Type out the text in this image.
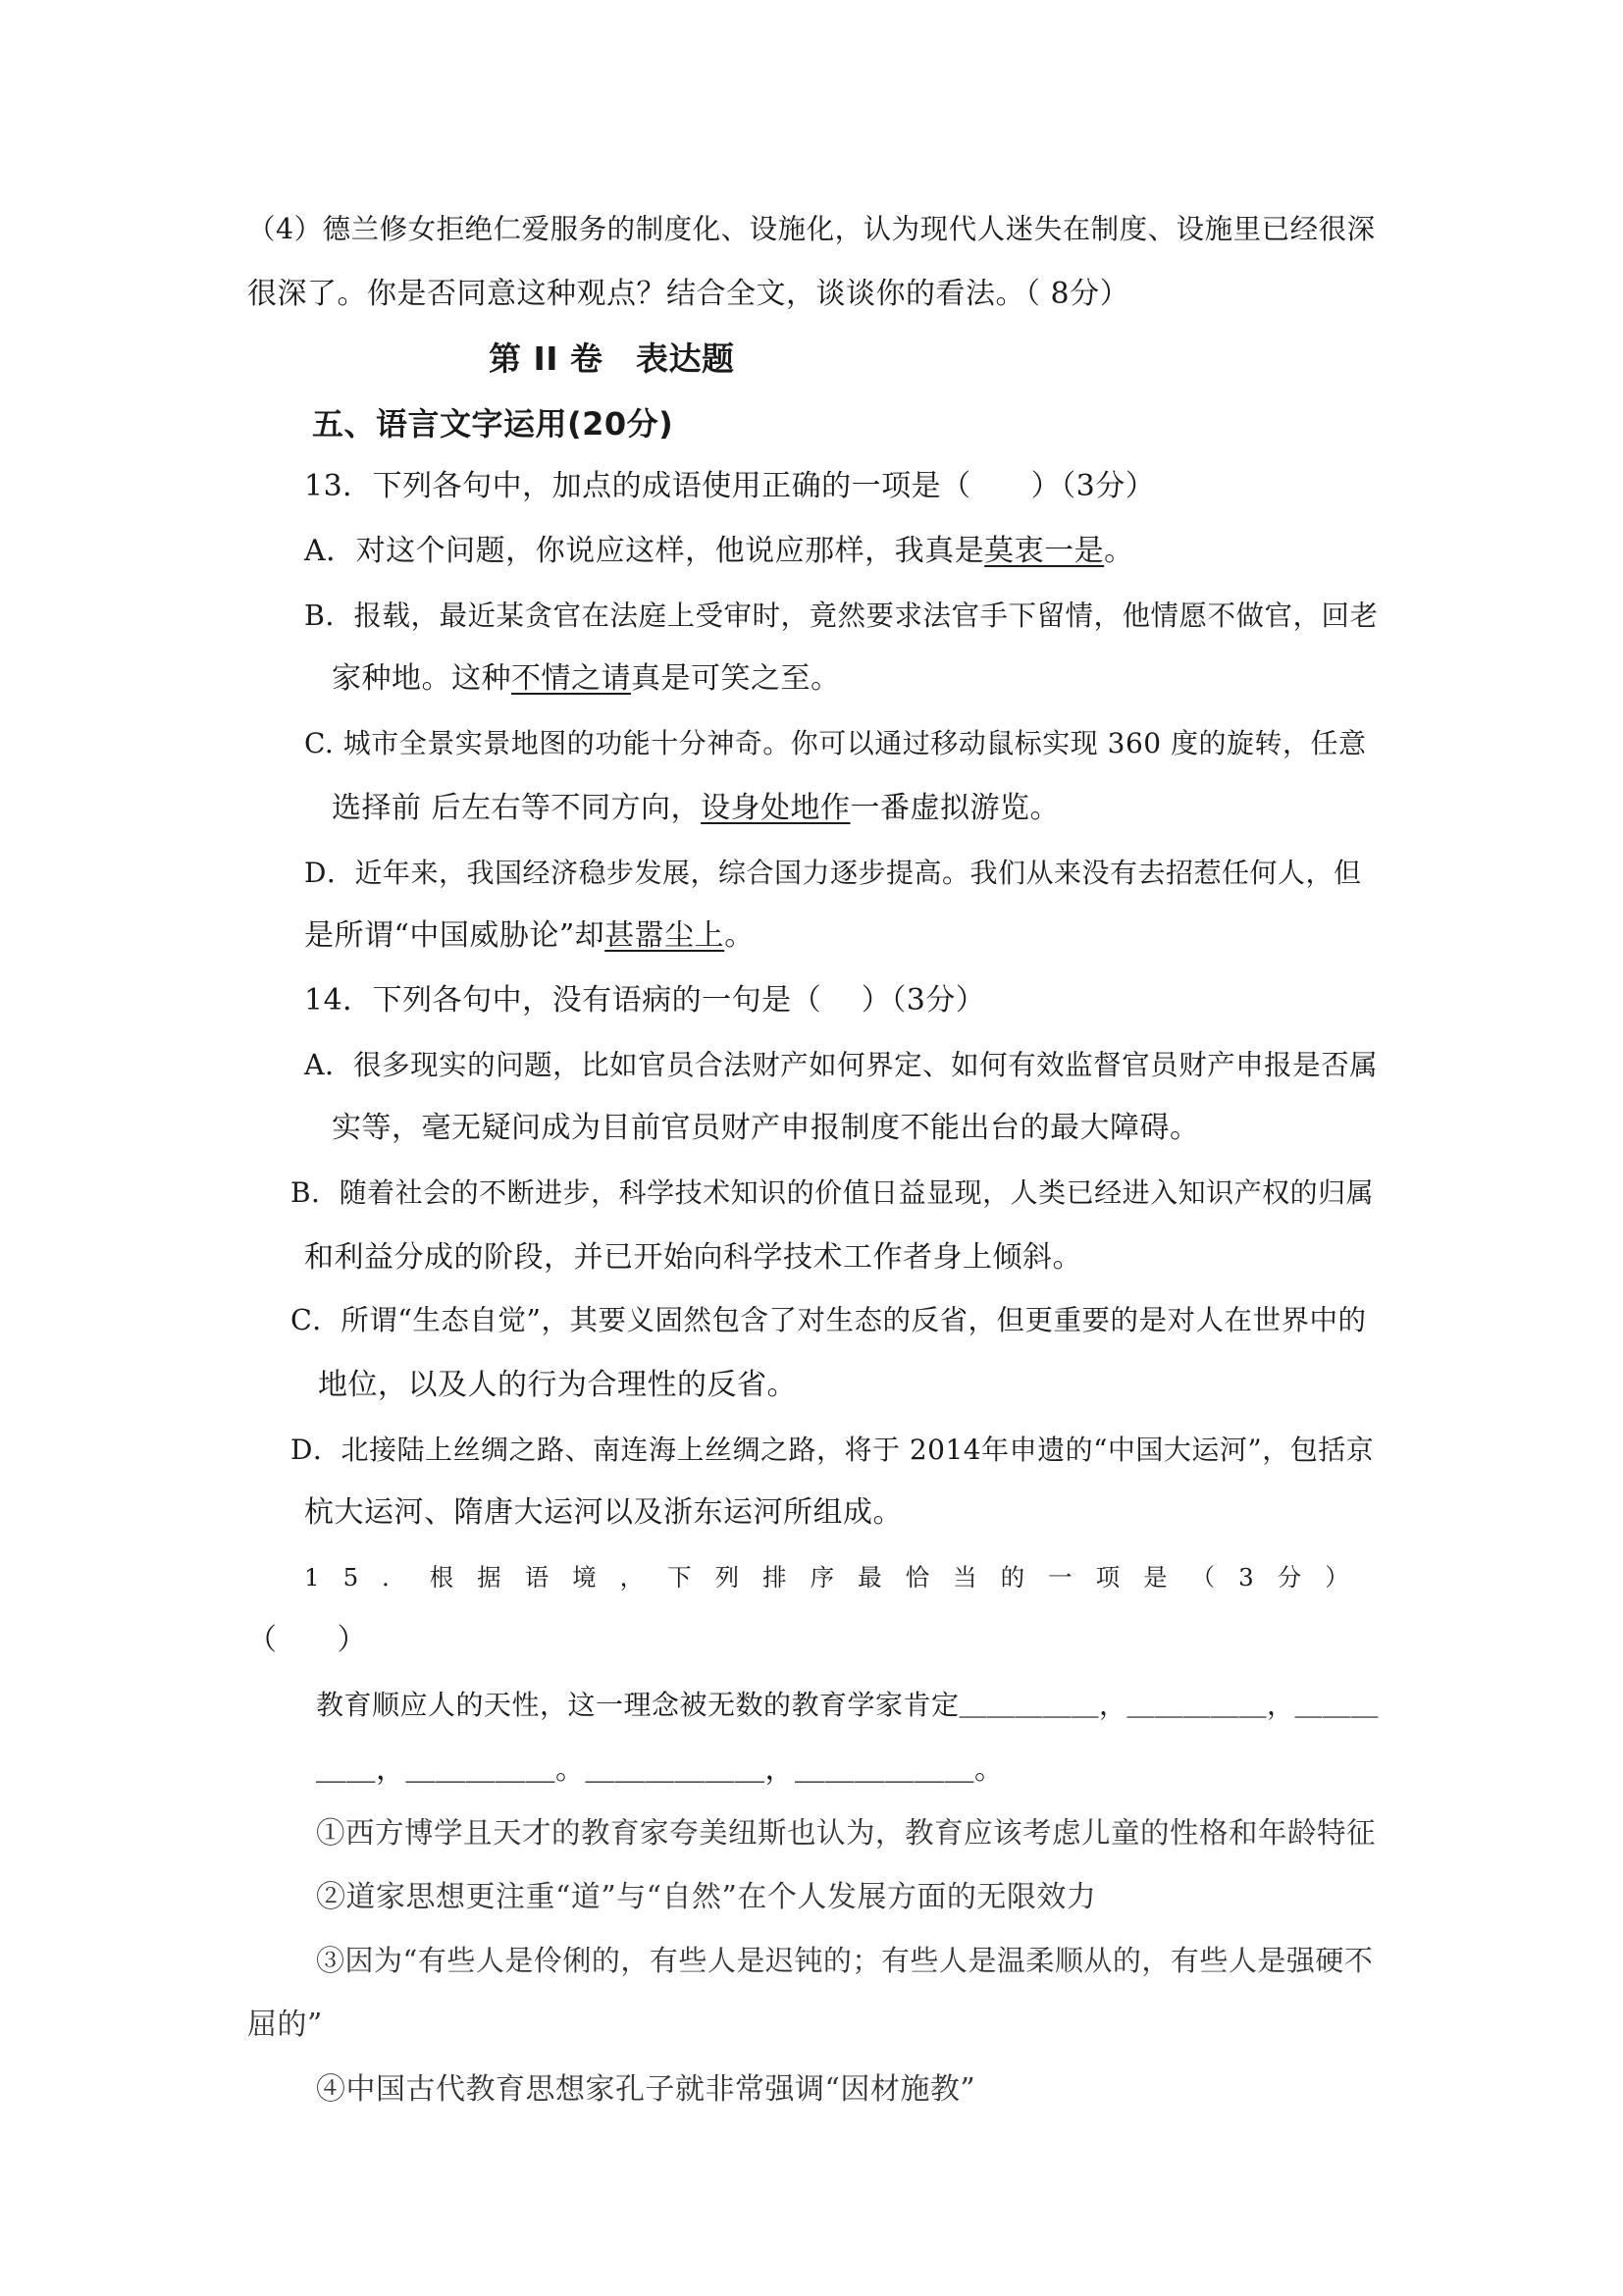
（4）德兰修女拒绝仁爱服务的制度化、设施化，认为现代人迷失在制度、设施里已经很深
很深了。你是否同意这种观点？结合全文，谈谈你的看法。（ 8分）
第 II 卷　表达题
五、语言文字运用(20分)
13．下列各句中，加点的成语使用正确的一项是（　　）（3分）
A．对这个问题，你说应这样，他说应那样，我真是莫衷一是。
B．报载，最近某贪官在法庭上受审时，竟然要求法官手下留情，他情愿不做官，回老
家种地。这种不情之请真是可笑之至。
C. 城市全景实景地图的功能十分神奇。你可以通过移动鼠标实现 360 度的旋转，任意
选择前 后左右等不同方向，设身处地作一番虚拟游览。
D．近年来，我国经济稳步发展，综合国力逐步提高。我们从来没有去招惹任何人，但
是所谓“中国威胁论”却甚嚣尘上。
14．下列各句中，没有语病的一句是（　 ）（3分）
A．很多现实的问题，比如官员合法财产如何界定、如何有效监督官员财产申报是否属
实等，毫无疑问成为目前官员财产申报制度不能出台的最大障碍。
B．随着社会的不断进步，科学技术知识的价值日益显现，人类已经进入知识产权的归属
和利益分成的阶段，并已开始向科学技术工作者身上倾斜。
C．所谓“生态自觉”，其要义固然包含了对生态的反省，但更重要的是对人在世界中的
地位，以及人的行为合理性的反省。
D．北接陆上丝绸之路、南连海上丝绸之路，将于 2014年申遗的“中国大运河”，包括京
杭大运河、隋唐大运河以及浙东运河所组成。
15．根据语境，下列排序最恰当的一项是（3分）
（　　）
教育顺应人的天性，这一理念被无数的教育学家肯定＿＿＿＿＿，＿＿＿＿＿，＿＿＿
＿＿，＿＿＿＿＿。＿＿＿＿＿＿，＿＿＿＿＿＿。
①西方博学且天才的教育家夸美纽斯也认为，教育应该考虑儿童的性格和年龄特征
②道家思想更注重“道”与“自然”在个人发展方面的无限效力
③因为“有些人是伶俐的，有些人是迟钝的；有些人是温柔顺从的，有些人是强硬不
屈的”
④中国古代教育思想家孔子就非常强调“因材施教”
